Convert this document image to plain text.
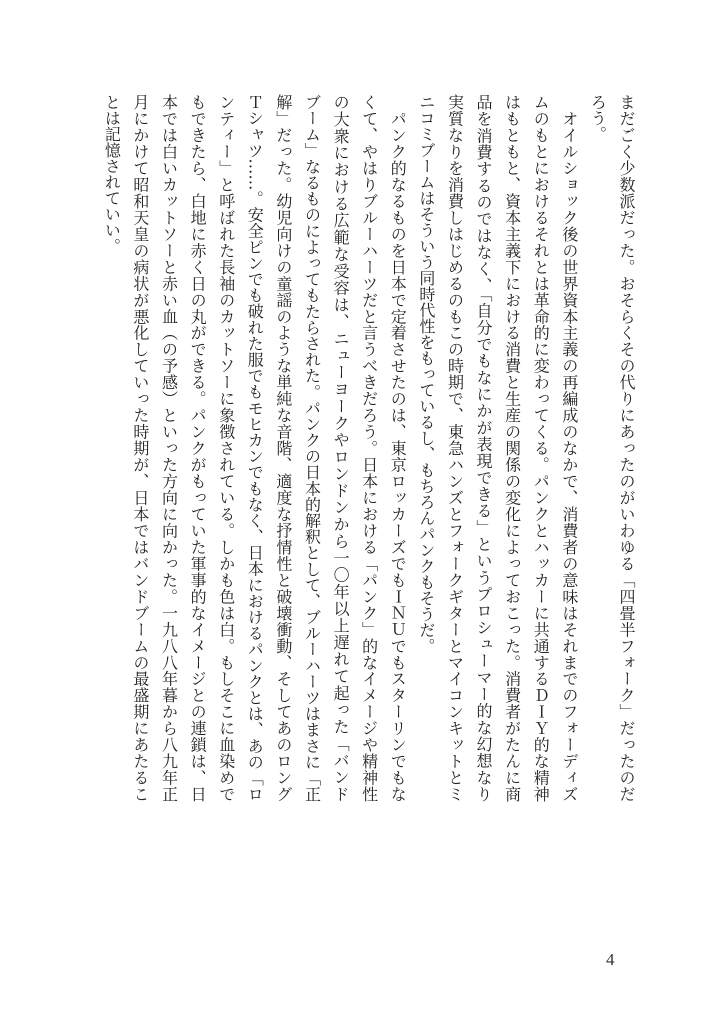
まだごく少数派だった。おそらくその代りにあったのがいわゆる「四畳半フォーク」だったのだ
ろう。
　オイルショック後の世界資本主義の再編成のなかで、消費者の意味はそれまでのフォーディズ
ムのもとにおけるそれとは革命的に変わってくる。パンクとハッカーに共通するＤＩＹ的な精神
はもともと、資本主義下における消費と生産の関係の変化によっておこった。消費者がたんに商
品を消費するのではなく、「自分でもなにかが表現できる」というプロシューマー的な幻想なり
実質なりを消費しはじめるのもこの時期で、東急ハンズとフォークギターとマイコンキットとミ
ニコミブームはそういう同時代性をもっているし、もちろんパンクもそうだ。
　パンク的なるものを日本で定着させたのは、東京ロッカーズでもＩＮＵでもスターリンでもな
くて、やはりブルーハーツだと言うべきだろう。日本における「パンク」的なイメージや精神性
の大衆における広範な受容は、ニューヨークやロンドンから一〇年以上遅れて起った「バンド
ブーム」なるものによってもたらされた。パンクの日本的解釈として、ブルーハーツはまさに「正
解」だった。幼児向けの童謡のような単純な音階、適度な抒情性と破壊衝動、そしてあのロング
Ｔシャツ……。安全ピンでも破れた服でもモヒカンでもなく、日本におけるパンクとは、あの「ロ
ンティー」と呼ばれた長袖のカットソーに象徴されている。しかも色は白。もしそこに血染めで
もできたら、白地に赤く日の丸ができる。パンクがもっていた軍事的なイメージとの連鎖は、日
本では白いカットソーと赤い血（の予感）といった方向に向かった。一九八八年暮から八九年正
月にかけて昭和天皇の病状が悪化していった時期が、日本ではバンドブームの最盛期にあたるこ
とは記憶されていい。
4
